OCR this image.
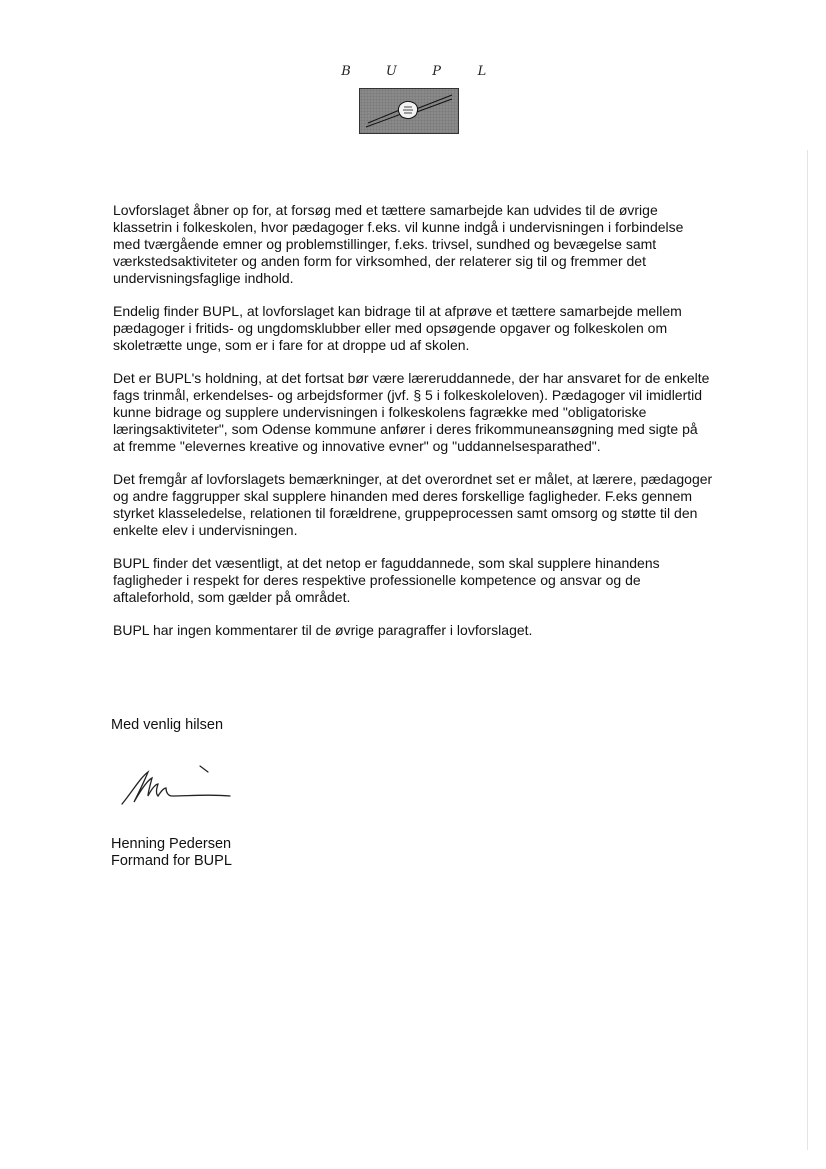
B	U	P	L

Lovforslaget åbner op for, at forsøg med et tættere samarbejde kan udvides til de øvrige klassetrin i folkeskolen, hvor pædagoger f.eks. vil kunne indgå i undervisningen i forbindelse med tværgående emner og problemstillinger, f.eks. trivsel, sundhed og bevægelse samt værkstedsaktiviteter og anden form for virksomhed, der relaterer sig til og fremmer det undervisningsfaglige indhold.

Endelig finder BUPL, at lovforslaget kan bidrage til at afprøve et tættere samarbejde mellem pædagoger i fritids- og ungdomsklubber eller med opsøgende opgaver og folkeskolen om skoletrætte unge, som er i fare for at droppe ud af skolen.

Det er BUPL's holdning, at det fortsat bør være læreruddannede, der har ansvaret for de enkelte fags trinmål, erkendelses- og arbejdsformer (jvf. § 5 i folkeskoleloven). Pædagoger vil imidlertid kunne bidrage og supplere undervisningen i folkeskolens fagrække med "obligatoriske læringsaktiviteter", som Odense kommune anfører i deres frikommuneansøgning med sigte på at fremme "elevernes kreative og innovative evner" og "uddannelsesparathed".

Det fremgår af lovforslagets bemærkninger, at det overordnet set er målet, at lærere, pædagoger og andre faggrupper skal supplere hinanden med deres forskellige fagligheder. F.eks gennem styrket klasseledelse, relationen til forældrene, gruppeprocessen samt omsorg og støtte til den enkelte elev i undervisningen.

BUPL finder det væsentligt, at det netop er faguddannede, som skal supplere hinandens fagligheder i respekt for deres respektive professionelle kompetence og ansvar og de aftaleforhold, som gælder på området.

BUPL har ingen kommentarer til de øvrige paragraffer i lovforslaget.

Med venlig hilsen
Henning Pedersen
Formand for BUPL
